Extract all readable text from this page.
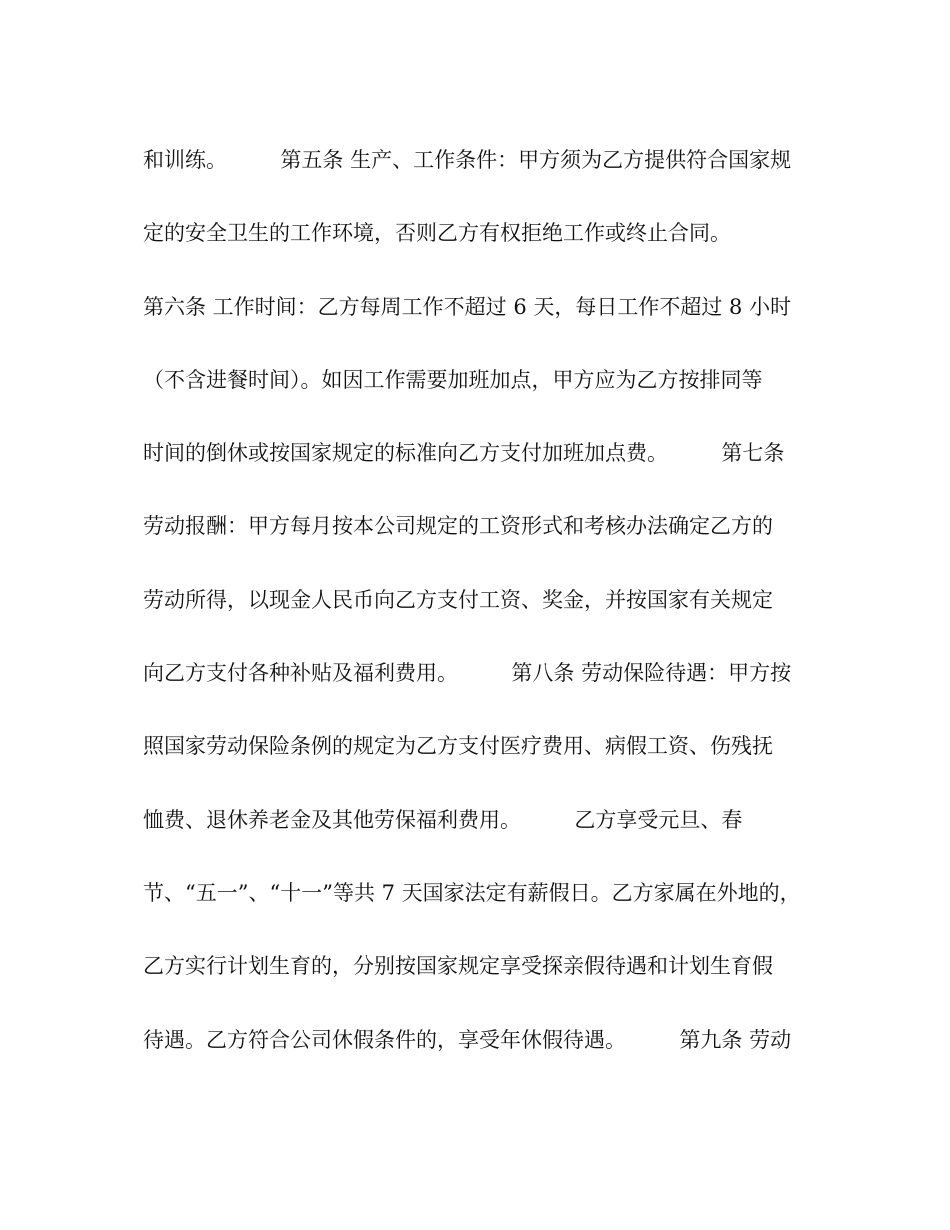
和训练。        第五条 生产、工作条件：甲方须为乙方提供符合国家规
定的安全卫生的工作环境，否则乙方有权拒绝工作或终止合同。
第六条 工作时间：乙方每周工作不超过 6 天，每日工作不超过 8 小时
（不含进餐时间）。如因工作需要加班加点，甲方应为乙方按排同等
时间的倒休或按国家规定的标准向乙方支付加班加点费。        第七条
劳动报酬：甲方每月按本公司规定的工资形式和考核办法确定乙方的
劳动所得，以现金人民币向乙方支付工资、奖金，并按国家有关规定
向乙方支付各种补贴及福利费用。        第八条 劳动保险待遇：甲方按
照国家劳动保险条例的规定为乙方支付医疗费用、病假工资、伤残抚
恤费、退休养老金及其他劳保福利费用。        乙方享受元旦、春
节、“五一”、“十一”等共 7 天国家法定有薪假日。乙方家属在外地的，
乙方实行计划生育的，分别按国家规定享受探亲假待遇和计划生育假
待遇。乙方符合公司休假条件的，享受年休假待遇。        第九条 劳动
